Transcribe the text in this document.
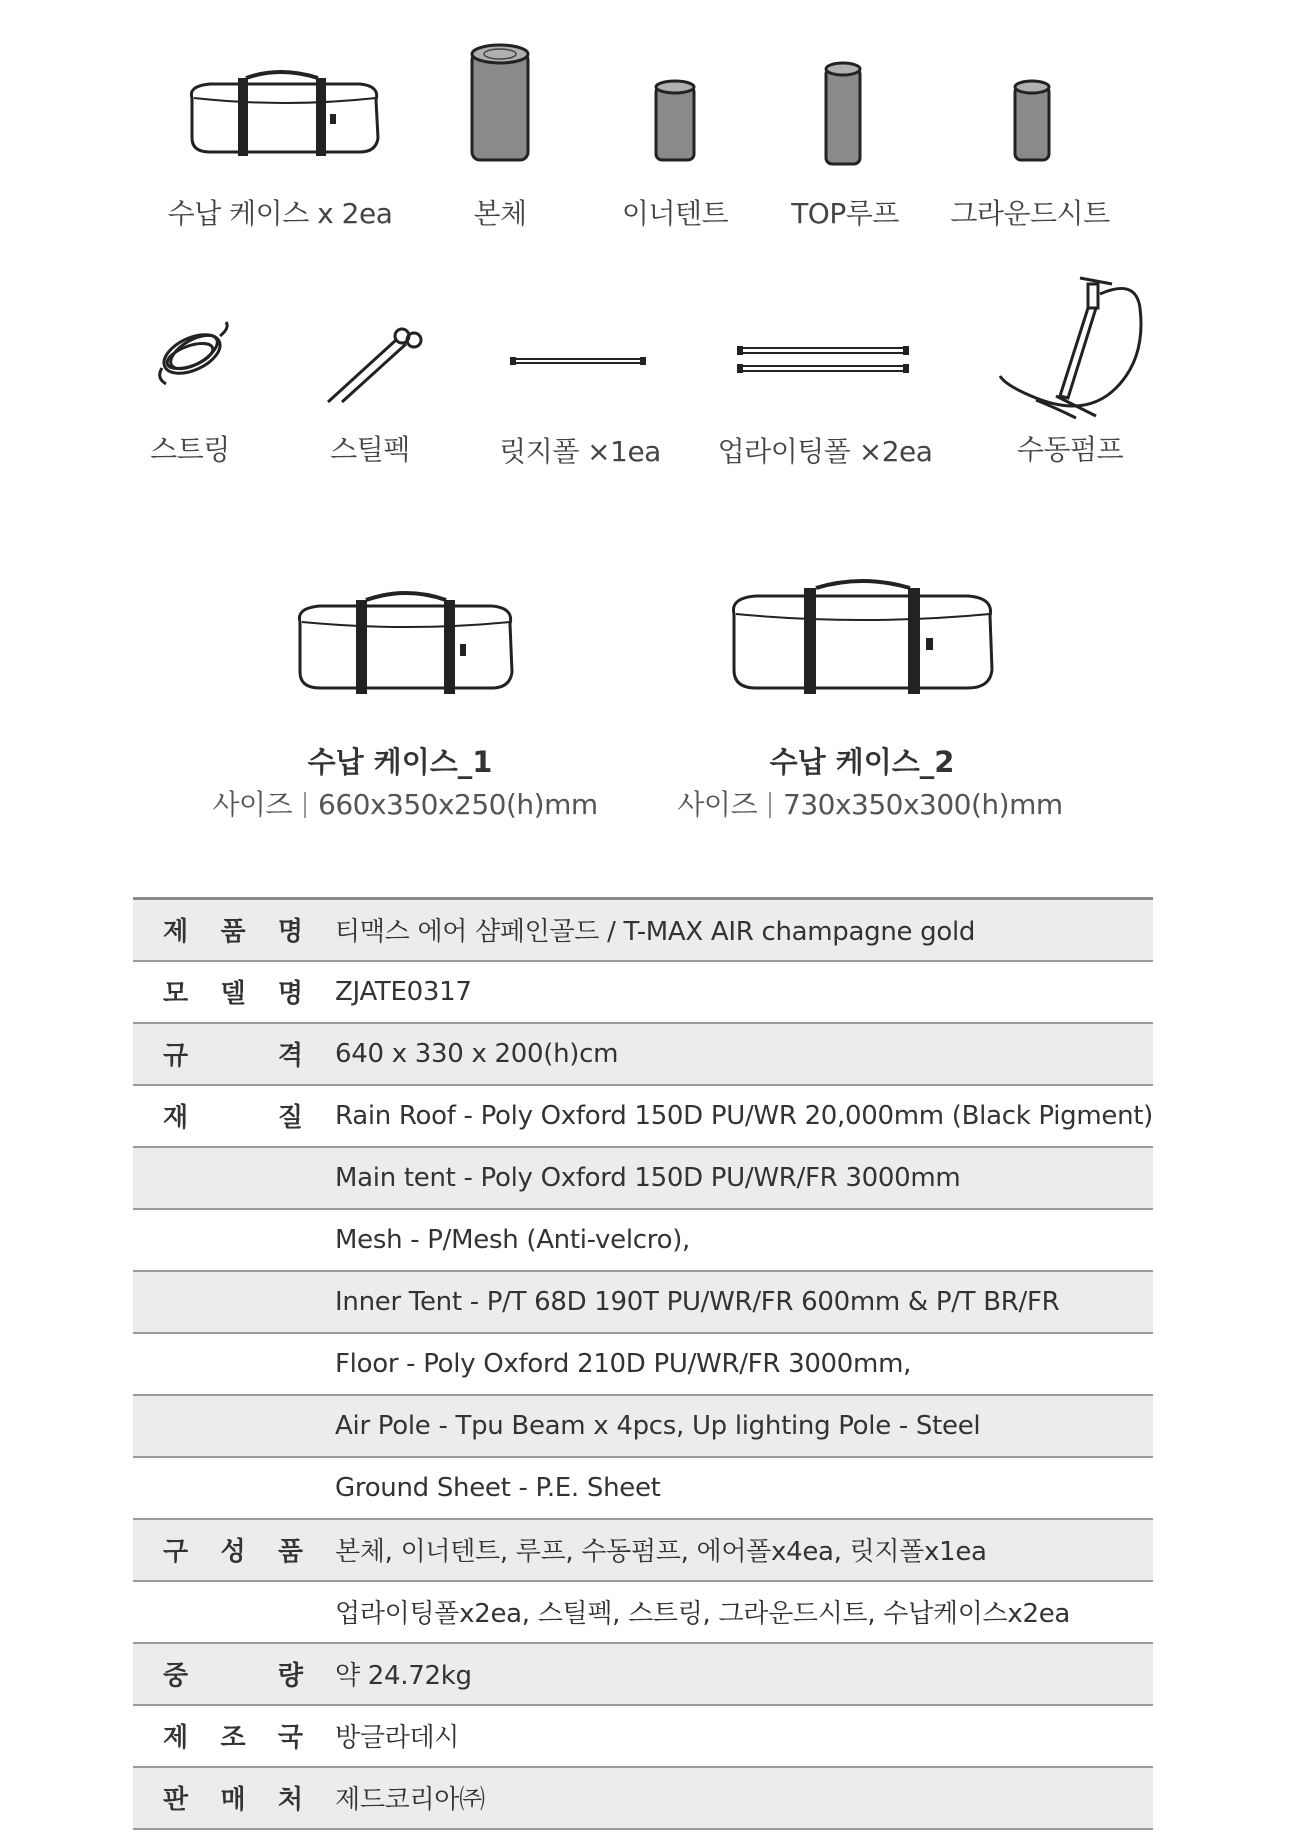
수납 케이스 x 2ea	본체	이너텐트	TOP루프	그라운드시트
스트링	스틸펙	릿지폴 ×1ea	업라이팅폴 ×2ea	수동펌프
수납 케이스_1
사이즈 660x350x250(h)mm
수납 케이스_2
사이즈 730x350x300(h)mm
제 품 명	티맥스 에어 샴페인골드 / T-MAX AIR champagne gold

모 델 명	ZJATE0317

규 격	640 x 330 x 200(h)cm

재 질	Rain Roof - Poly Oxford 150D PU/WR 20,000mm (Black Pigment)
	Main tent - Poly Oxford 150D PU/WR/FR 3000mm
	Mesh - P/Mesh (Anti-velcro),
	Inner Tent - P/T 68D 190T PU/WR/FR 600mm & P/T BR/FR
	Floor - Poly Oxford 210D PU/WR/FR 3000mm,
	Air Pole - Tpu Beam x 4pcs, Up lighting Pole - Steel
	Ground Sheet - P.E. Sheet

구 성 품	본체, 이너텐트, 루프, 수동펌프, 에어폴x4ea, 릿지폴x1ea
	업라이팅폴x2ea, 스틸펙, 스트링, 그라운드시트, 수납케이스x2ea

중 량	약 24.72kg

제 조 국	방글라데시

판 매 처	제드코리아㈜
